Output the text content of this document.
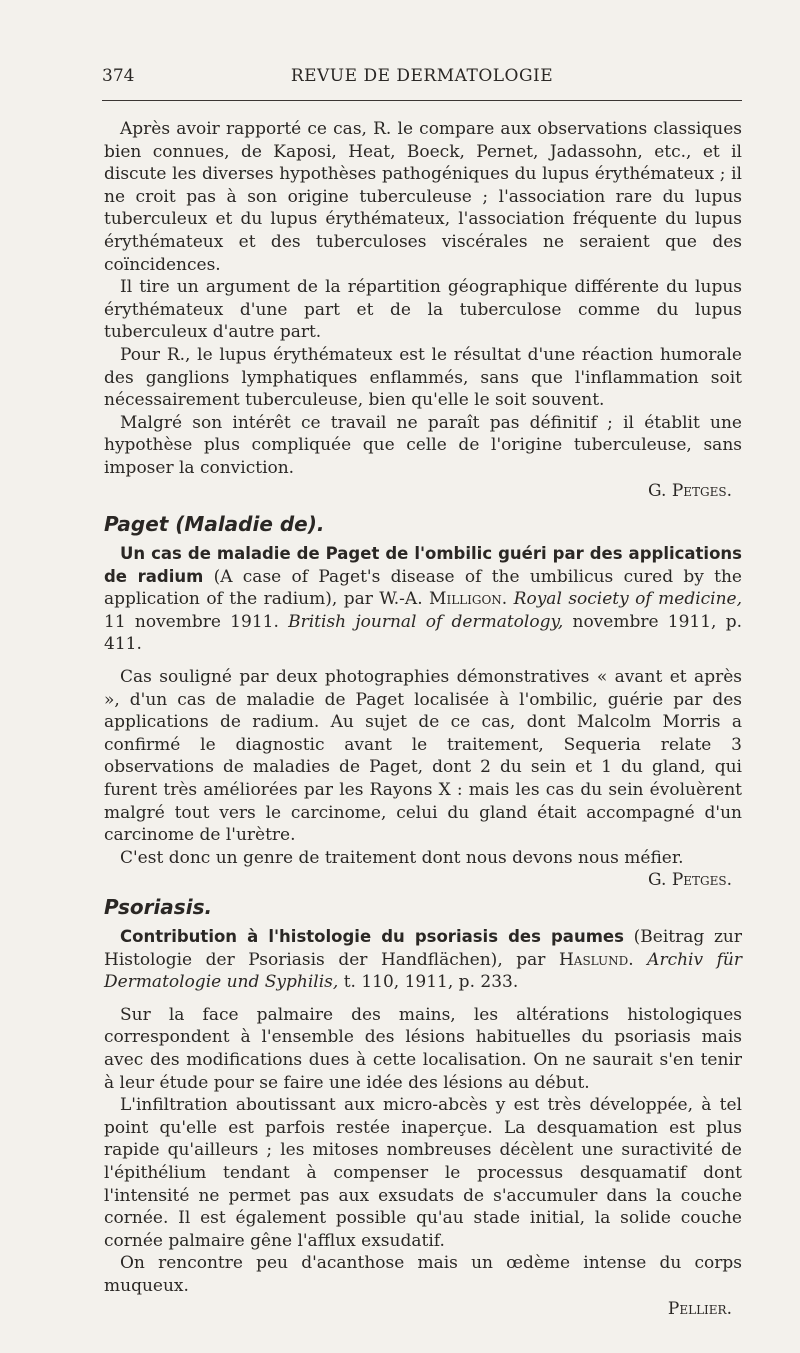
374	REVUE DE DERMATOLOGIE

Après avoir rapporté ce cas, R. le compare aux observations classiques bien connues, de Kaposi, Heat, Boeck, Pernet, Jadassohn, etc., et il discute les diverses hypothèses pathogéniques du lupus érythémateux ; il ne croit pas à son origine tuberculeuse ; l'association rare du lupus tuberculeux et du lupus érythémateux, l'association fréquente du lupus érythémateux et des tuberculoses viscérales ne seraient que des coïncidences.

Il tire un argument de la répartition géographique différente du lupus érythémateux d'une part et de la tuberculose comme du lupus tuberculeux d'autre part.

Pour R., le lupus érythémateux est le résultat d'une réaction humorale des ganglions lymphatiques enflammés, sans que l'inflammation soit nécessairement tuberculeuse, bien qu'elle le soit souvent.

Malgré son intérêt ce travail ne paraît pas définitif ; il établit une hypothèse plus compliquée que celle de l'origine tuberculeuse, sans imposer la conviction.

G. Petges.

Paget (Maladie de).

Un cas de maladie de Paget de l'ombilic guéri par des applications de radium (A case of Paget's disease of the umbilicus cured by the application of the radium), par W.-A. Milligon. Royal society of medicine, 11 novembre 1911. British journal of dermatology, novembre 1911, p. 411.

Cas souligné par deux photographies démonstratives « avant et après », d'un cas de maladie de Paget localisée à l'ombilic, guérie par des applications de radium. Au sujet de ce cas, dont Malcolm Morris a confirmé le diagnostic avant le traitement, Sequeria relate 3 observations de maladies de Paget, dont 2 du sein et 1 du gland, qui furent très améliorées par les Rayons X : mais les cas du sein évoluèrent malgré tout vers le carcinome, celui du gland était accompagné d'un carcinome de l'urètre.

C'est donc un genre de traitement dont nous devons nous méfier.

G. Petges.

Psoriasis.

Contribution à l'histologie du psoriasis des paumes (Beitrag zur Histologie der Psoriasis der Handflächen), par Haslund. Archiv für Dermatologie und Syphilis, t. 110, 1911, p. 233.

Sur la face palmaire des mains, les altérations histologiques correspondent à l'ensemble des lésions habituelles du psoriasis mais avec des modifications dues à cette localisation. On ne saurait s'en tenir à leur étude pour se faire une idée des lésions au début.

L'infiltration aboutissant aux micro-abcès y est très développée, à tel point qu'elle est parfois restée inaperçue. La desquamation est plus rapide qu'ailleurs ; les mitoses nombreuses décèlent une suractivité de l'épithélium tendant à compenser le processus desquamatif dont l'intensité ne permet pas aux exsudats de s'accumuler dans la couche cornée. Il est également possible qu'au stade initial, la solide couche cornée palmaire gêne l'afflux exsudatif.

On rencontre peu d'acanthose mais un œdème intense du corps muqueux.

Pellier.
